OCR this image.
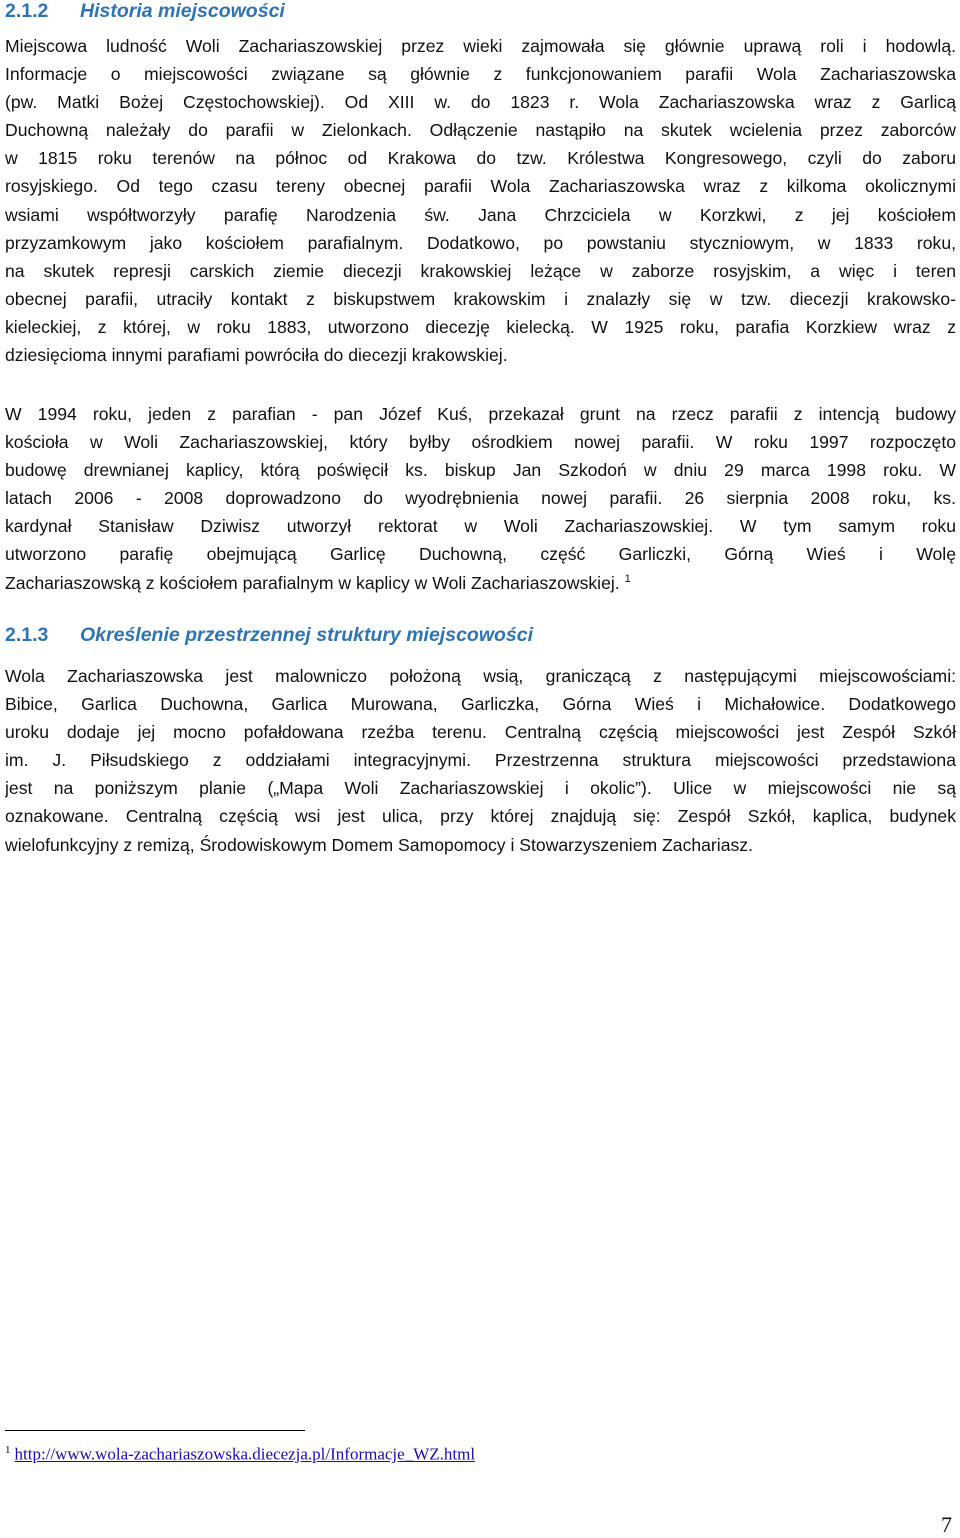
2.1.2 Historia miejscowości
Miejscowa ludność Woli Zachariaszowskiej przez wieki zajmowała się głównie uprawą roli i hodowlą.
Informacje o miejscowości związane są głównie z funkcjonowaniem parafii Wola Zachariaszowska
(pw. Matki Bożej Częstochowskiej). Od XIII w. do 1823 r. Wola Zachariaszowska wraz z Garlicą
Duchowną należały do parafii w Zielonkach. Odłączenie nastąpiło na skutek wcielenia przez zaborców
w 1815 roku terenów na północ od Krakowa do tzw. Królestwa Kongresowego, czyli do zaboru
rosyjskiego. Od tego czasu tereny obecnej parafii Wola Zachariaszowska wraz z kilkoma okolicznymi
wsiami współtworzyły parafię Narodzenia św. Jana Chrzciciela w Korzkwi, z jej kościołem
przyzamkowym jako kościołem parafialnym. Dodatkowo, po powstaniu styczniowym, w 1833 roku,
na skutek represji carskich ziemie diecezji krakowskiej leżące w zaborze rosyjskim, a więc i teren
obecnej parafii, utraciły kontakt z biskupstwem krakowskim i znalazły się w tzw. diecezji krakowsko-
kieleckiej, z której, w roku 1883, utworzono diecezję kielecką. W 1925 roku, parafia Korzkiew wraz z
dziesięcioma innymi parafiami powróciła do diecezji krakowskiej.
W 1994 roku, jeden z parafian - pan Józef Kuś, przekazał grunt na rzecz parafii z intencją budowy
kościoła w Woli Zachariaszowskiej, który byłby ośrodkiem nowej parafii. W roku 1997 rozpoczęto
budowę drewnianej kaplicy, którą poświęcił ks. biskup Jan Szkodoń w dniu 29 marca 1998 roku. W
latach 2006 - 2008 doprowadzono do wyodrębnienia nowej parafii. 26 sierpnia 2008 roku, ks.
kardynał Stanisław Dziwisz utworzył rektorat w Woli Zachariaszowskiej. W tym samym roku
utworzono parafię obejmującą Garlicę Duchowną, część Garliczki, Górną Wieś i Wolę
Zachariaszowską z kościołem parafialnym w kaplicy w Woli Zachariaszowskiej. $^1$
2.1.3 Określenie przestrzennej struktury miejscowości
Wola Zachariaszowska jest malowniczo położoną wsią, graniczącą z następującymi miejscowościami:
Bibice, Garlica Duchowna, Garlica Murowana, Garliczka, Górna Wieś i Michałowice. Dodatkowego
uroku dodaje jej mocno pofałdowana rzeźba terenu. Centralną częścią miejscowości jest Zespół Szkół
im. J. Piłsudskiego z oddziałami integracyjnymi. Przestrzenna struktura miejscowości przedstawiona
jest na poniższym planie („Mapa Woli Zachariaszowskiej i okolic”). Ulice w miejscowości nie są
oznakowane. Centralną częścią wsi jest ulica, przy której znajdują się: Zespół Szkół, kaplica, budynek
wielofunkcyjny z remizą, Środowiskowym Domem Samopomocy i Stowarzyszeniem Zachariasz.
$^1$ http://www.wola-zachariaszowska.diecezja.pl/Informacje_WZ.html
7
